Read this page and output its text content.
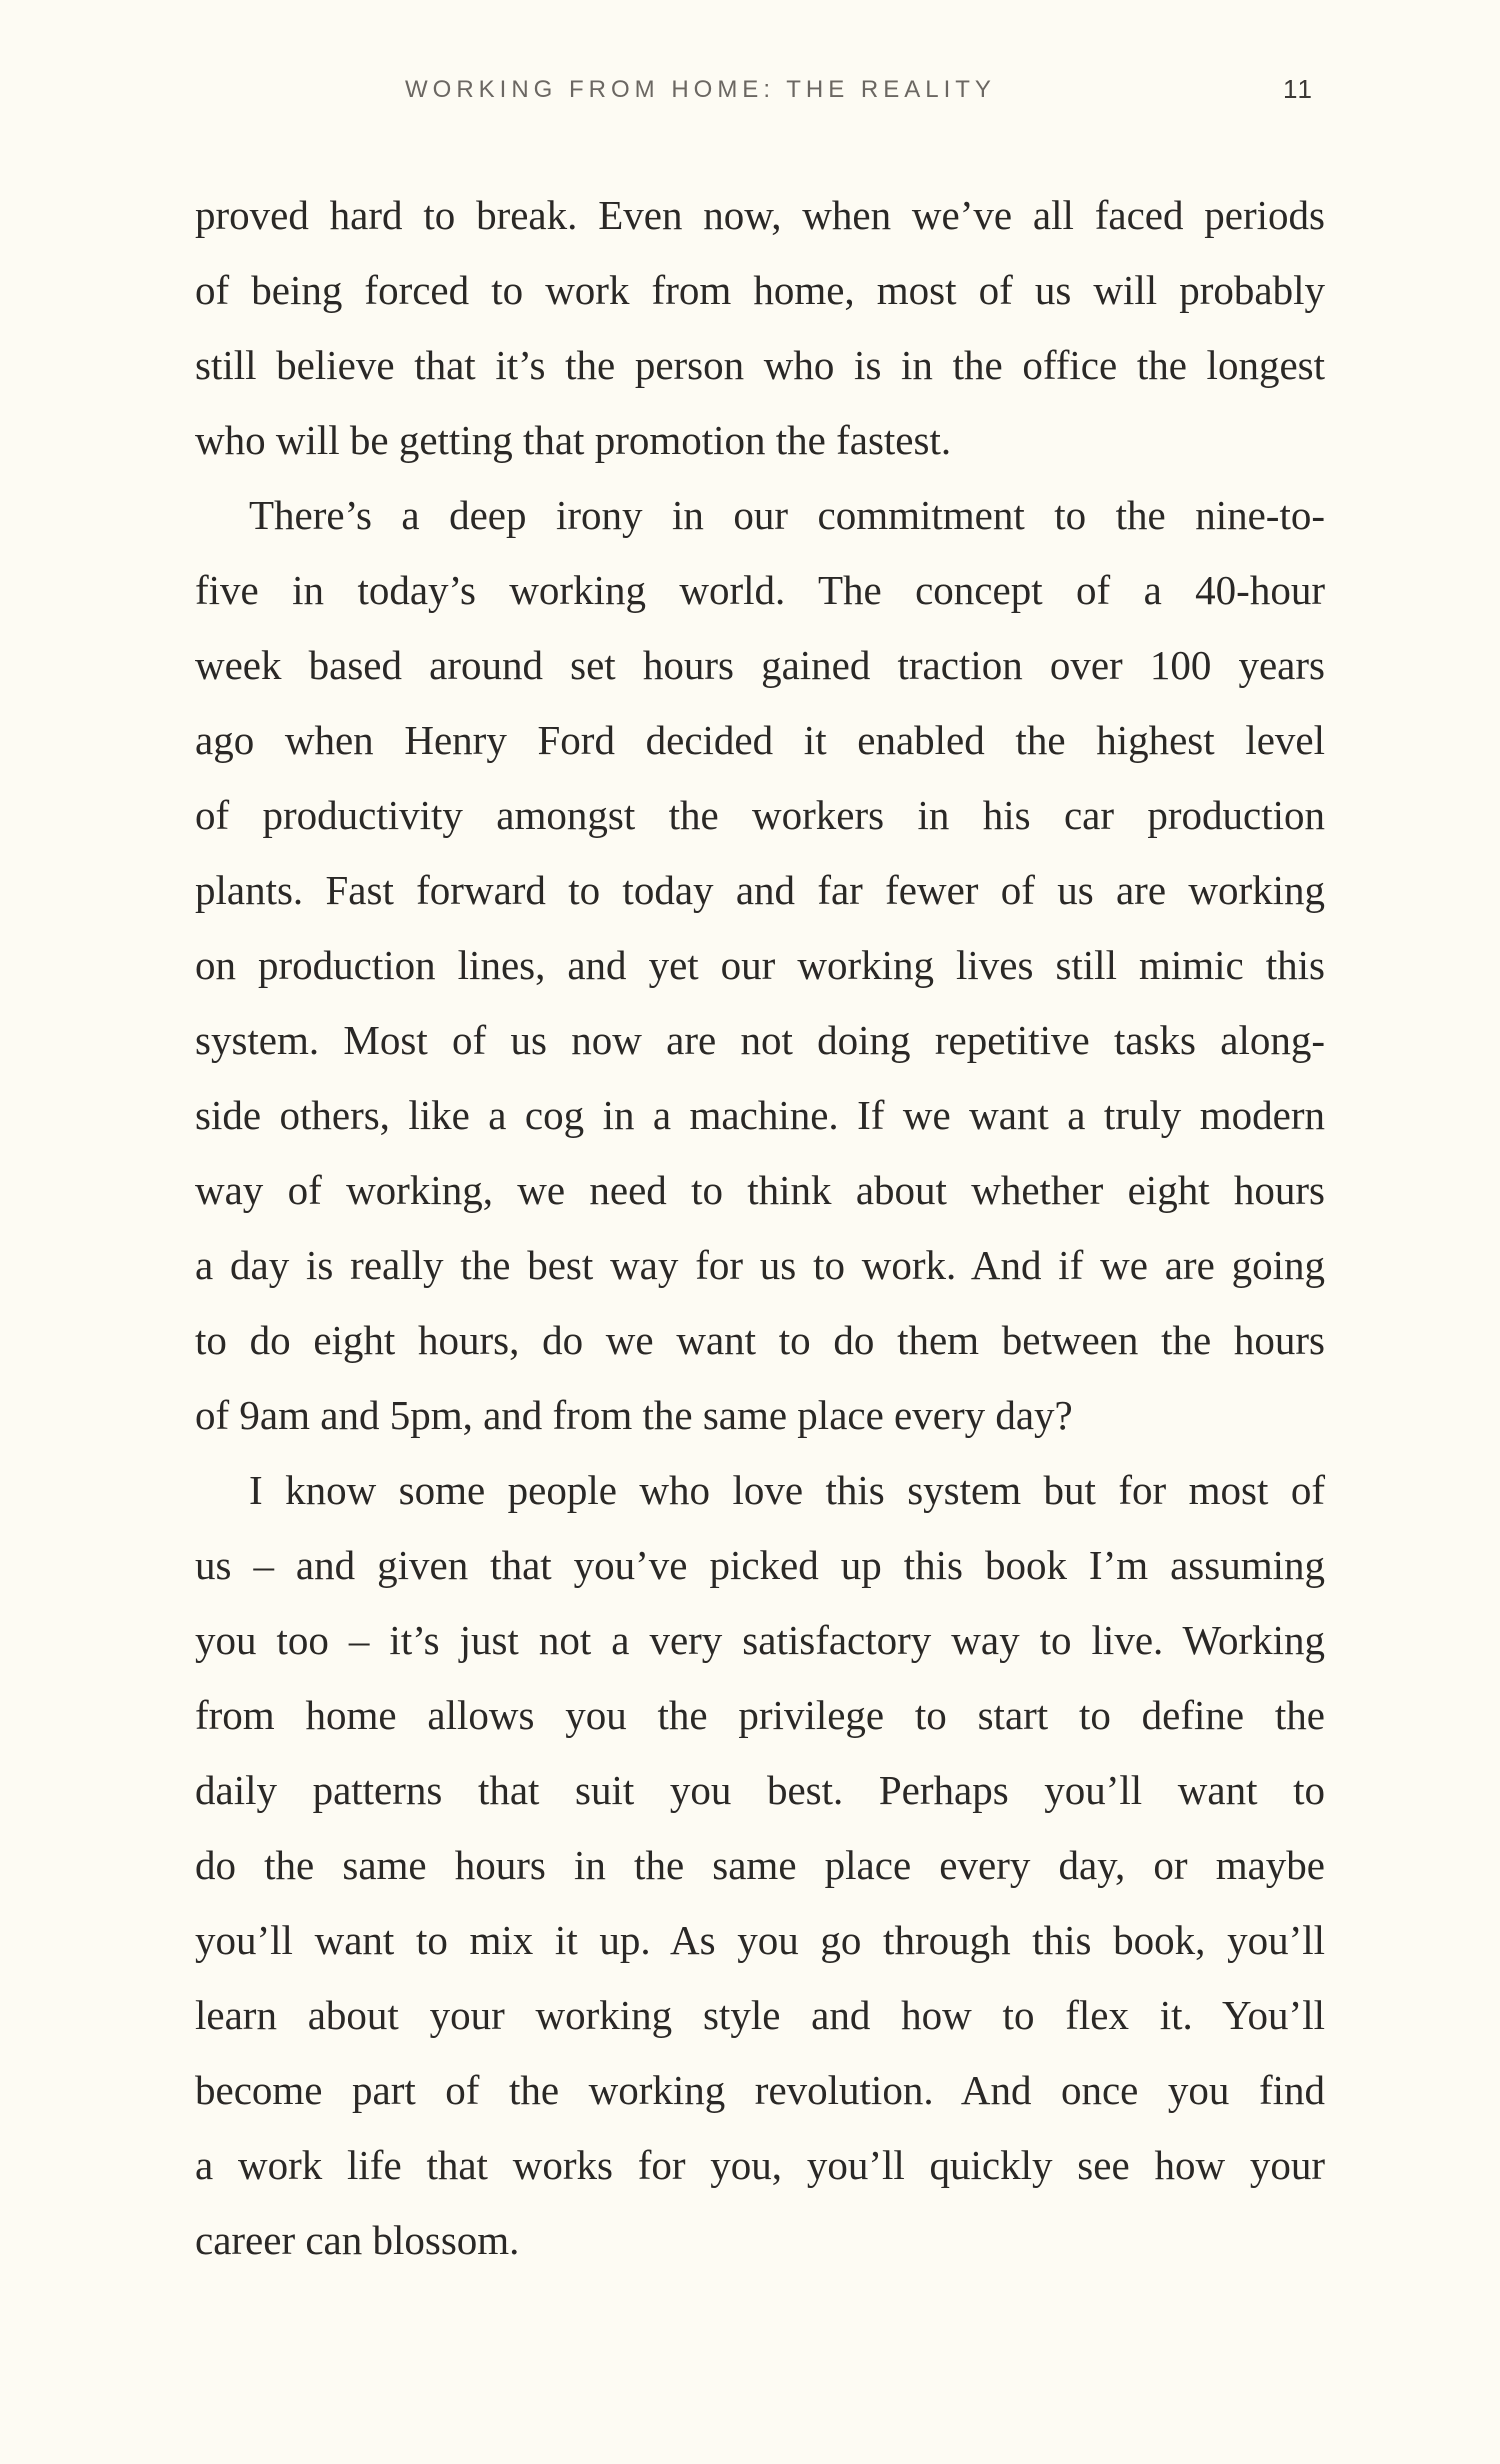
WORKING FROM HOME: THE REALITY	11
proved hard to break. Even now, when we’ve all faced periods
of being forced to work from home, most of us will probably
still believe that it’s the person who is in the office the longest
who will be getting that promotion the fastest.
There’s a deep irony in our commitment to the nine-to-
five in today’s working world. The concept of a 40-hour
week based around set hours gained traction over 100 years
ago when Henry Ford decided it enabled the highest level
of productivity amongst the workers in his car production
plants. Fast forward to today and far fewer of us are working
on production lines, and yet our working lives still mimic this
system. Most of us now are not doing repetitive tasks along-
side others, like a cog in a machine. If we want a truly modern
way of working, we need to think about whether eight hours
a day is really the best way for us to work. And if we are going
to do eight hours, do we want to do them between the hours
of 9am and 5pm, and from the same place every day?
I know some people who love this system but for most of
us – and given that you’ve picked up this book I’m assuming
you too – it’s just not a very satisfactory way to live. Working
from home allows you the privilege to start to define the
daily patterns that suit you best. Perhaps you’ll want to
do the same hours in the same place every day, or maybe
you’ll want to mix it up. As you go through this book, you’ll
learn about your working style and how to flex it. You’ll
become part of the working revolution. And once you find
a work life that works for you, you’ll quickly see how your
career can blossom.
